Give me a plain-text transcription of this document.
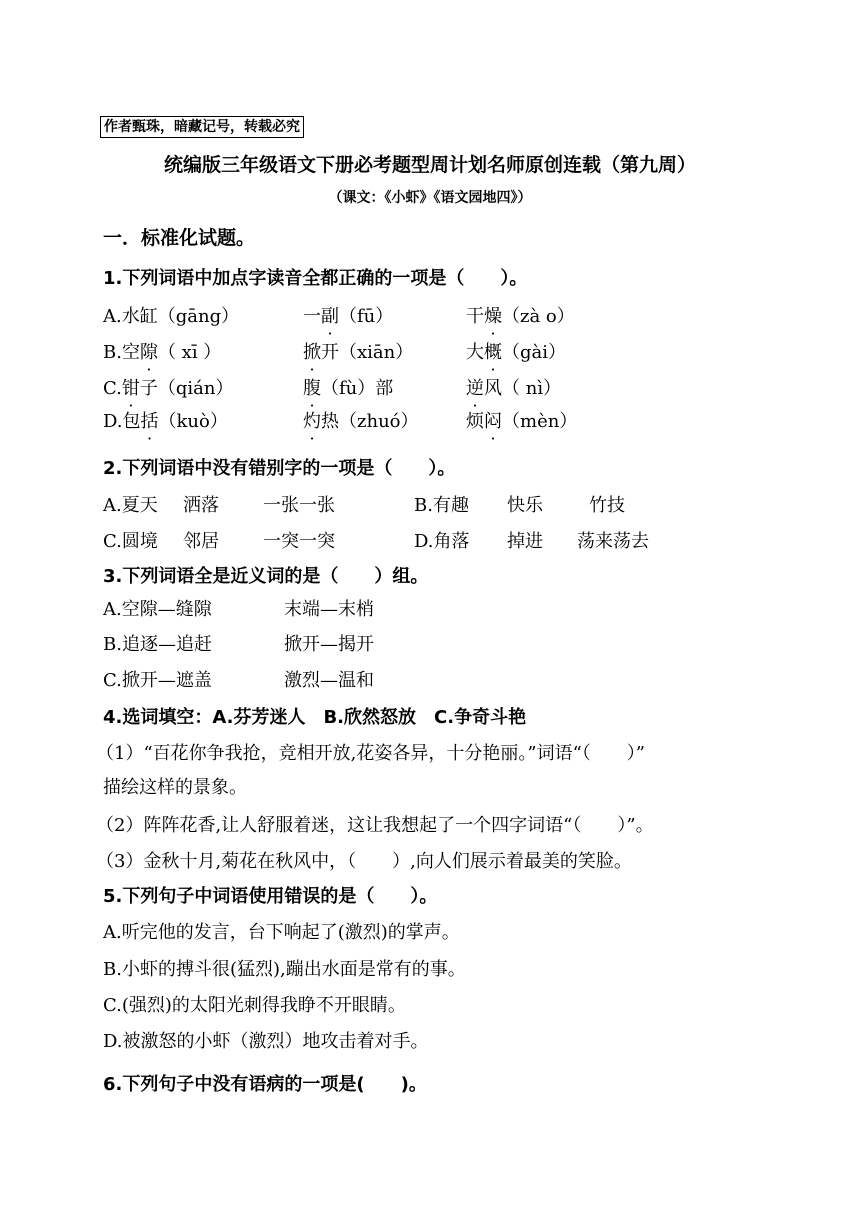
作者甄珠，暗藏记号，转载必究
统编版三年级语文下册必考题型周计划名师原创连载（第九周）
（课文：《小虾》《语文园地四》）
一．标准化试题。
1.下列词语中加点字读音全都正确的一项是（　　）。
A.水缸（gāng）	一副（fū）	干燥（zà o）
B.空隙（ xī ）	掀开（xiān）	大概（gài）
C.钳子（qián）	腹（fù）部	逆风（ nì）
D.包括（kuò）	灼热（zhuó）	烦闷（mèn）
2.下列词语中没有错别字的一项是（　　）。
A.夏天 洒落 一张一张	B.有趣 快乐	竹技
C.圆境 邻居 一突一突	D.角落 掉进 荡来荡去
3.下列词语全是近义词的是（　　）组。
A.空隙—缝隙	末端—末梢
B.追逐—追赶	掀开—揭开
C.掀开—遮盖	激烈—温和
4.选词填空：A.芬芳迷人　B.欣然怒放　C.争奇斗艳
（1）“百花你争我抢，竞相开放,花姿各异，十分艳丽。”词语“（　　）”
描绘这样的景象。
（2）阵阵花香,让人舒服着迷，这让我想起了一个四字词语“（　　）”。
（3）金秋十月,菊花在秋风中，（　　）,向人们展示着最美的笑脸。
5.下列句子中词语使用错误的是（　　）。
A.听完他的发言，台下响起了(激烈)的掌声。
B.小虾的搏斗很(猛烈),蹦出水面是常有的事。
C.(强烈)的太阳光刺得我睁不开眼睛。
D.被激怒的小虾（激烈）地攻击着对手。
6.下列句子中没有语病的一项是(　　)。
